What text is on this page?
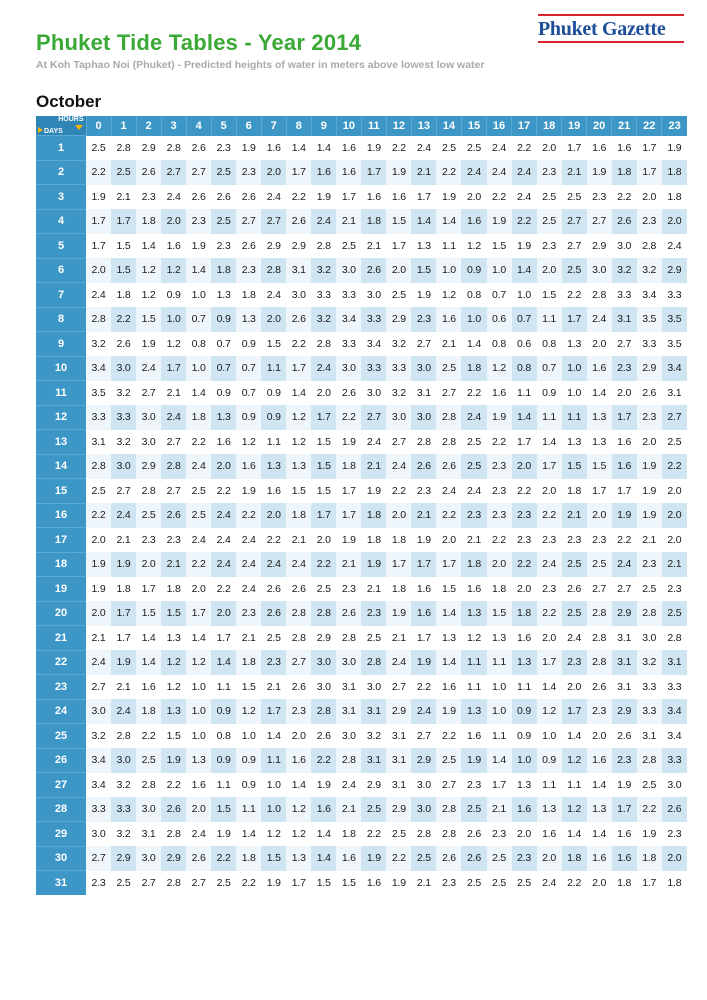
Phuket Tide Tables - Year 2014
At Koh Taphao Noi (Phuket) - Predicted heights of water in meters above lowest low water
Phuket Gazette
October
HOURS
DAYS	0	1	2	3	4	5	6	7	8	9	10	11	12	13	14	15	16	17	18	19	20	21	22	23
1	2.5	2.8	2.9	2.8	2.6	2.3	1.9	1.6	1.4	1.4	1.6	1.9	2.2	2.4	2.5	2.5	2.4	2.2	2.0	1.7	1.6	1.6	1.7	1.9
2	2.2	2.5	2.6	2.7	2.7	2.5	2.3	2.0	1.7	1.6	1.6	1.7	1.9	2.1	2.2	2.4	2.4	2.4	2.3	2.1	1.9	1.8	1.7	1.8
3	1.9	2.1	2.3	2.4	2.6	2.6	2.6	2.4	2.2	1.9	1.7	1.6	1.6	1.7	1.9	2.0	2.2	2.4	2.5	2.5	2.3	2.2	2.0	1.8
4	1.7	1.7	1.8	2.0	2.3	2.5	2.7	2.7	2.6	2.4	2.1	1.8	1.5	1.4	1.4	1.6	1.9	2.2	2.5	2.7	2.7	2.6	2.3	2.0
5	1.7	1.5	1.4	1.6	1.9	2.3	2.6	2.9	2.9	2.8	2.5	2.1	1.7	1.3	1.1	1.2	1.5	1.9	2.3	2.7	2.9	3.0	2.8	2.4
6	2.0	1.5	1.2	1.2	1.4	1.8	2.3	2.8	3.1	3.2	3.0	2.6	2.0	1.5	1.0	0.9	1.0	1.4	2.0	2.5	3.0	3.2	3.2	2.9
7	2.4	1.8	1.2	0.9	1.0	1.3	1.8	2.4	3.0	3.3	3.3	3.0	2.5	1.9	1.2	0.8	0.7	1.0	1.5	2.2	2.8	3.3	3.4	3.3
8	2.8	2.2	1.5	1.0	0.7	0.9	1.3	2.0	2.6	3.2	3.4	3.3	2.9	2.3	1.6	1.0	0.6	0.7	1.1	1.7	2.4	3.1	3.5	3.5
9	3.2	2.6	1.9	1.2	0.8	0.7	0.9	1.5	2.2	2.8	3.3	3.4	3.2	2.7	2.1	1.4	0.8	0.6	0.8	1.3	2.0	2.7	3.3	3.5
10	3.4	3.0	2.4	1.7	1.0	0.7	0.7	1.1	1.7	2.4	3.0	3.3	3.3	3.0	2.5	1.8	1.2	0.8	0.7	1.0	1.6	2.3	2.9	3.4
11	3.5	3.2	2.7	2.1	1.4	0.9	0.7	0.9	1.4	2.0	2.6	3.0	3.2	3.1	2.7	2.2	1.6	1.1	0.9	1.0	1.4	2.0	2.6	3.1
12	3.3	3.3	3.0	2.4	1.8	1.3	0.9	0.9	1.2	1.7	2.2	2.7	3.0	3.0	2.8	2.4	1.9	1.4	1.1	1.1	1.3	1.7	2.3	2.7
13	3.1	3.2	3.0	2.7	2.2	1.6	1.2	1.1	1.2	1.5	1.9	2.4	2.7	2.8	2.8	2.5	2.2	1.7	1.4	1.3	1.3	1.6	2.0	2.5
14	2.8	3.0	2.9	2.8	2.4	2.0	1.6	1.3	1.3	1.5	1.8	2.1	2.4	2.6	2.6	2.5	2.3	2.0	1.7	1.5	1.5	1.6	1.9	2.2
15	2.5	2.7	2.8	2.7	2.5	2.2	1.9	1.6	1.5	1.5	1.7	1.9	2.2	2.3	2.4	2.4	2.3	2.2	2.0	1.8	1.7	1.7	1.9	2.0
16	2.2	2.4	2.5	2.6	2.5	2.4	2.2	2.0	1.8	1.7	1.7	1.8	2.0	2.1	2.2	2.3	2.3	2.3	2.2	2.1	2.0	1.9	1.9	2.0
17	2.0	2.1	2.3	2.3	2.4	2.4	2.4	2.2	2.1	2.0	1.9	1.8	1.8	1.9	2.0	2.1	2.2	2.3	2.3	2.3	2.3	2.2	2.1	2.0
18	1.9	1.9	2.0	2.1	2.2	2.4	2.4	2.4	2.4	2.2	2.1	1.9	1.7	1.7	1.7	1.8	2.0	2.2	2.4	2.5	2.5	2.4	2.3	2.1
19	1.9	1.8	1.7	1.8	2.0	2.2	2.4	2.6	2.6	2.5	2.3	2.1	1.8	1.6	1.5	1.6	1.8	2.0	2.3	2.6	2.7	2.7	2.5	2.3
20	2.0	1.7	1.5	1.5	1.7	2.0	2.3	2.6	2.8	2.8	2.6	2.3	1.9	1.6	1.4	1.3	1.5	1.8	2.2	2.5	2.8	2.9	2.8	2.5
21	2.1	1.7	1.4	1.3	1.4	1.7	2.1	2.5	2.8	2.9	2.8	2.5	2.1	1.7	1.3	1.2	1.3	1.6	2.0	2.4	2.8	3.1	3.0	2.8
22	2.4	1.9	1.4	1.2	1.2	1.4	1.8	2.3	2.7	3.0	3.0	2.8	2.4	1.9	1.4	1.1	1.1	1.3	1.7	2.3	2.8	3.1	3.2	3.1
23	2.7	2.1	1.6	1.2	1.0	1.1	1.5	2.1	2.6	3.0	3.1	3.0	2.7	2.2	1.6	1.1	1.0	1.1	1.4	2.0	2.6	3.1	3.3	3.3
24	3.0	2.4	1.8	1.3	1.0	0.9	1.2	1.7	2.3	2.8	3.1	3.1	2.9	2.4	1.9	1.3	1.0	0.9	1.2	1.7	2.3	2.9	3.3	3.4
25	3.2	2.8	2.2	1.5	1.0	0.8	1.0	1.4	2.0	2.6	3.0	3.2	3.1	2.7	2.2	1.6	1.1	0.9	1.0	1.4	2.0	2.6	3.1	3.4
26	3.4	3.0	2.5	1.9	1.3	0.9	0.9	1.1	1.6	2.2	2.8	3.1	3.1	2.9	2.5	1.9	1.4	1.0	0.9	1.2	1.6	2.3	2.8	3.3
27	3.4	3.2	2.8	2.2	1.6	1.1	0.9	1.0	1.4	1.9	2.4	2.9	3.1	3.0	2.7	2.3	1.7	1.3	1.1	1.1	1.4	1.9	2.5	3.0
28	3.3	3.3	3.0	2.6	2.0	1.5	1.1	1.0	1.2	1.6	2.1	2.5	2.9	3.0	2.8	2.5	2.1	1.6	1.3	1.2	1.3	1.7	2.2	2.6
29	3.0	3.2	3.1	2.8	2.4	1.9	1.4	1.2	1.2	1.4	1.8	2.2	2.5	2.8	2.8	2.6	2.3	2.0	1.6	1.4	1.4	1.6	1.9	2.3
30	2.7	2.9	3.0	2.9	2.6	2.2	1.8	1.5	1.3	1.4	1.6	1.9	2.2	2.5	2.6	2.6	2.5	2.3	2.0	1.8	1.6	1.6	1.8	2.0
31	2.3	2.5	2.7	2.8	2.7	2.5	2.2	1.9	1.7	1.5	1.5	1.6	1.9	2.1	2.3	2.5	2.5	2.5	2.4	2.2	2.0	1.8	1.7	1.8
